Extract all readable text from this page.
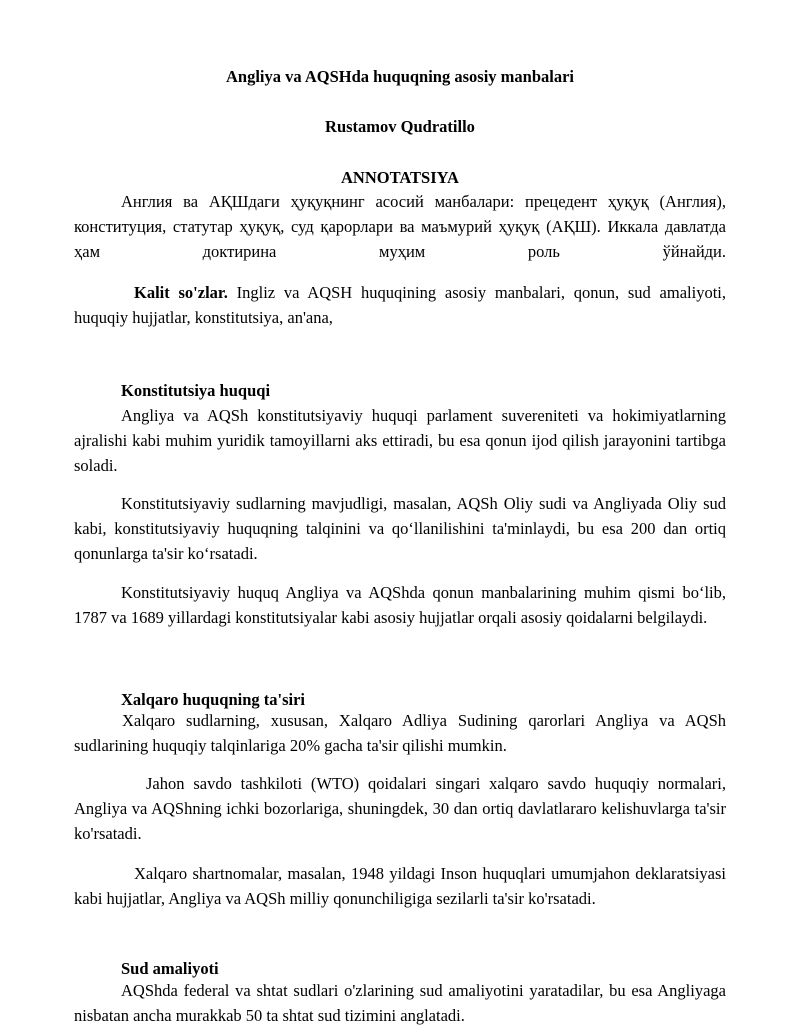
Angliya va AQSHda huquqning asosiy manbalari
Rustamov Qudratillo
ANNOTATSIYA
Англия ва АҚШдаги ҳуқуқнинг асосий манбалари: прецедент ҳуқуқ (Англия), конституция, статутар ҳуқуқ, суд қарорлари ва маъмурий ҳуқуқ (АҚШ). Иккала давлатда ҳам доктирина муҳим роль ўйнайди.
Kalit so'zlar. Ingliz va AQSH huquqining asosiy manbalari, qonun, sud amaliyoti, huquqiy hujjatlar, konstitutsiya, an'ana,
Konstitutsiya huquqi
Angliya va AQSh konstitutsiyaviy huquqi parlament suvereniteti va hokimiyatlarning ajralishi kabi muhim yuridik tamoyillarni aks ettiradi, bu esa qonun ijod qilish jarayonini tartibga soladi.
Konstitutsiyaviy sudlarning mavjudligi, masalan, AQSh Oliy sudi va Angliyada Oliy sud kabi, konstitutsiyaviy huquqning talqinini va qo‘llanilishini ta'minlaydi, bu esa 200 dan ortiq qonunlarga ta'sir ko‘rsatadi.
Konstitutsiyaviy huquq Angliya va AQShda qonun manbalarining muhim qismi bo‘lib, 1787 va 1689 yillardagi konstitutsiyalar kabi asosiy hujjatlar orqali asosiy qoidalarni belgilaydi.
Xalqaro huquqning ta'siri
Xalqaro sudlarning, xususan, Xalqaro Adliya Sudining qarorlari Angliya va AQSh sudlarining huquqiy talqinlariga 20% gacha ta'sir qilishi mumkin.
Jahon savdo tashkiloti (WTO) qoidalari singari xalqaro savdo huquqiy normalari, Angliya va AQShning ichki bozorlariga, shuningdek, 30 dan ortiq davlatlararo kelishuvlarga ta'sir ko'rsatadi.
Xalqaro shartnomalar, masalan, 1948 yildagi Inson huquqlari umumjahon deklaratsiyasi kabi hujjatlar, Angliya va AQSh milliy qonunchiligiga sezilarli ta'sir ko'rsatadi.
Sud amaliyoti
AQShda federal va shtat sudlari o'zlarining sud amaliyotini yaratadilar, bu esa Angliyaga nisbatan ancha murakkab 50 ta shtat sud tizimini anglatadi.
